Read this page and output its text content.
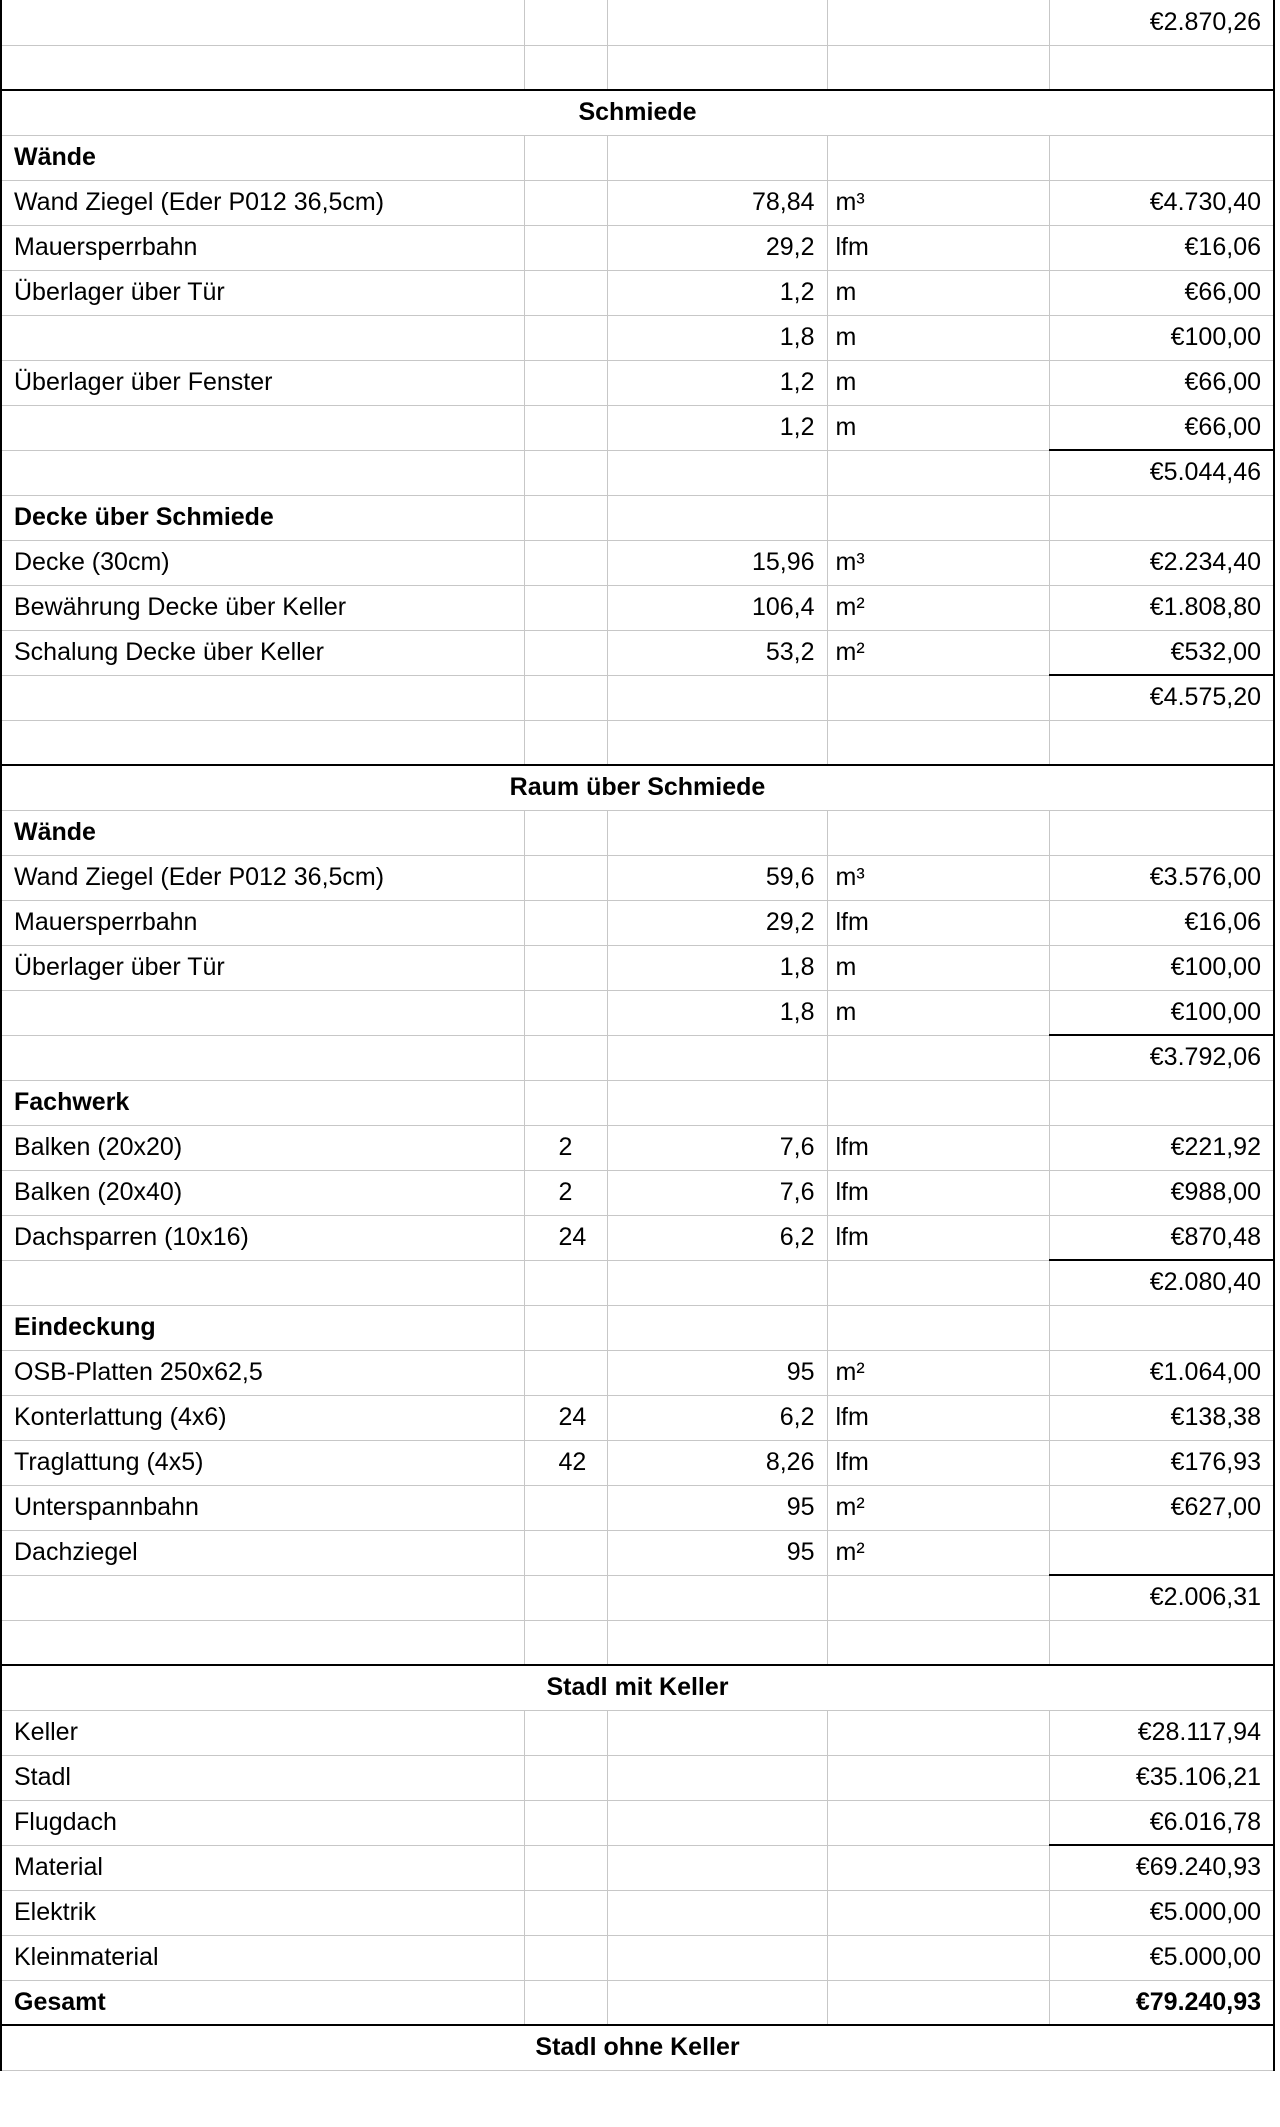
				€2.870,26

Schmiede				
Wände				
Wand Ziegel (Eder P012 36,5cm)		78,84	m³	€4.730,40
Mauersperrbahn		29,2	lfm	€16,06
Überlager über Tür		1,2	m	€66,00
		1,8	m	€100,00
Überlager über Fenster		1,2	m	€66,00
		1,2	m	€66,00
				€5.044,46
Decke über Schmiede				
Decke (30cm)		15,96	m³	€2.234,40
Bewährung Decke über Keller		106,4	m²	€1.808,80
Schalung Decke über Keller		53,2	m²	€532,00
				€4.575,20

Raum über Schmiede				
Wände				
Wand Ziegel (Eder P012 36,5cm)		59,6	m³	€3.576,00
Mauersperrbahn		29,2	lfm	€16,06
Überlager über Tür		1,8	m	€100,00
		1,8	m	€100,00
				€3.792,06
Fachwerk				
Balken (20x20)	2	7,6	lfm	€221,92
Balken (20x40)	2	7,6	lfm	€988,00
Dachsparren (10x16)	24	6,2	lfm	€870,48
				€2.080,40
Eindeckung				
OSB-Platten 250x62,5		95	m²	€1.064,00
Konterlattung (4x6)	24	6,2	lfm	€138,38
Traglattung (4x5)	42	8,26	lfm	€176,93
Unterspannbahn		95	m²	€627,00
Dachziegel		95	m²	
				€2.006,31

Stadl mit Keller				
Keller				€28.117,94
Stadl				€35.106,21
Flugdach				€6.016,78
Material				€69.240,93
Elektrik				€5.000,00
Kleinmaterial				€5.000,00
Gesamt				€79.240,93
Stadl ohne Keller				
